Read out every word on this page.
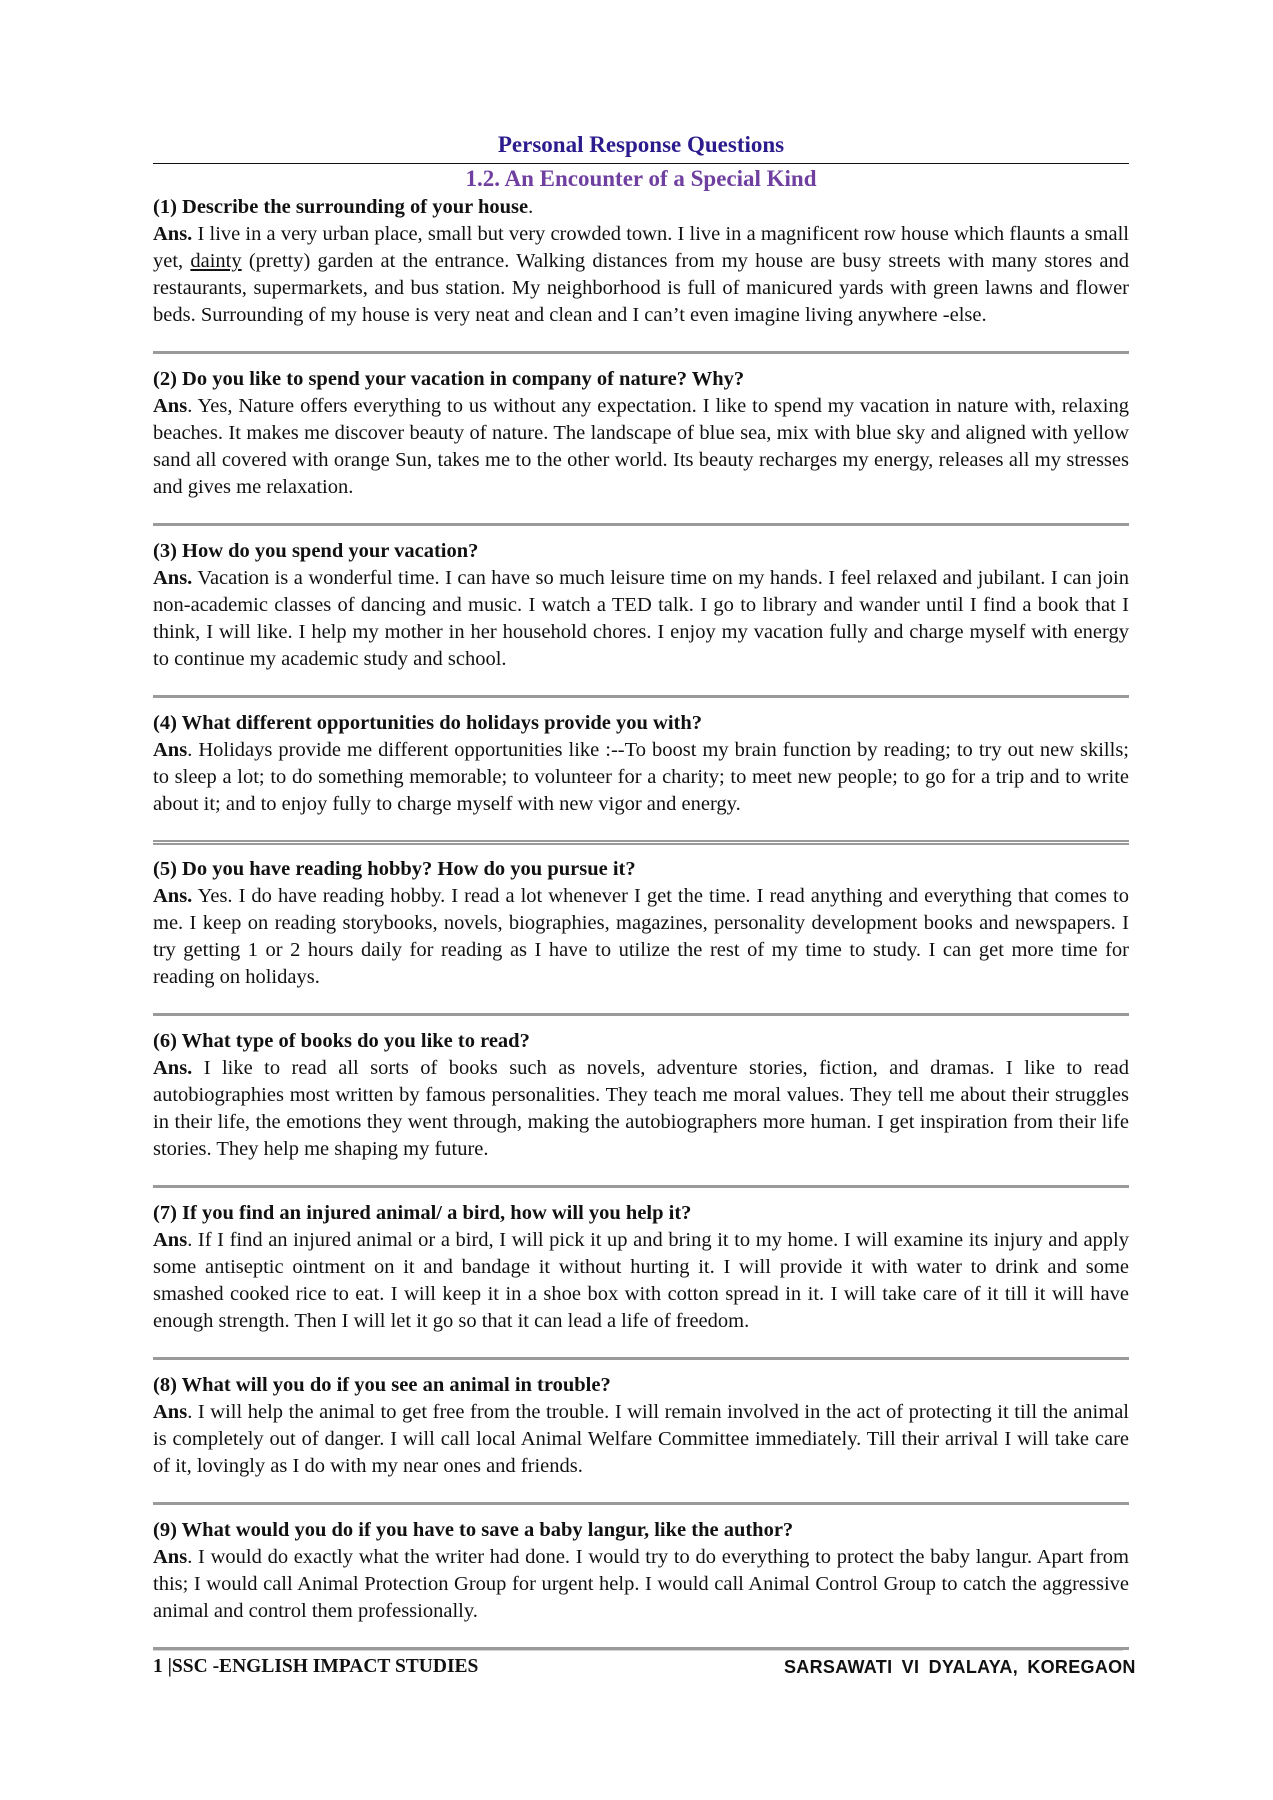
Personal Response Questions
1.2. An Encounter of a Special Kind

(1) Describe the surrounding of your house.

Ans. I live in a very urban place, small but very crowded town. I live in a magnificent row house which flaunts a small yet, dainty (pretty) garden at the entrance. Walking distances from my house are busy streets with many stores and restaurants, supermarkets, and bus station. My neighborhood is full of manicured yards with green lawns and flower beds. Surrounding of my house is very neat and clean and I can’t even imagine living anywhere -else.

(2) Do you like to spend your vacation in company of nature? Why?

Ans. Yes, Nature offers everything to us without any expectation. I like to spend my vacation in nature with, relaxing beaches. It makes me discover beauty of nature. The landscape of blue sea, mix with blue sky and aligned with yellow sand all covered with orange Sun, takes me to the other world. Its beauty recharges my energy, releases all my stresses and gives me relaxation.

(3) How do you spend your vacation?

Ans. Vacation is a wonderful time. I can have so much leisure time on my hands. I feel relaxed and jubilant. I can join non-academic classes of dancing and music. I watch a TED talk. I go to library and wander until I find a book that I think, I will like. I help my mother in her household chores. I enjoy my vacation fully and charge myself with energy to continue my academic study and school.

(4) What different opportunities do holidays provide you with?

Ans. Holidays provide me different opportunities like :--To boost my brain function by reading; to try out new skills; to sleep a lot; to do something memorable; to volunteer for a charity; to meet new people; to go for a trip and to write about it; and to enjoy fully to charge myself with new vigor and energy.

(5) Do you have reading hobby? How do you pursue it?

Ans. Yes. I do have reading hobby. I read a lot whenever I get the time. I read anything and everything that comes to me. I keep on reading storybooks, novels, biographies, magazines, personality development books and newspapers. I try getting 1 or 2 hours daily for reading as I have to utilize the rest of my time to study. I can get more time for reading on holidays.

(6) What type of books do you like to read?

Ans. I like to read all sorts of books such as novels, adventure stories, fiction, and dramas. I like to read autobiographies most written by famous personalities. They teach me moral values. They tell me about their struggles in their life, the emotions they went through, making the autobiographers more human. I get inspiration from their life stories. They help me shaping my future.

(7) If you find an injured animal/ a bird, how will you help it?

Ans. If I find an injured animal or a bird, I will pick it up and bring it to my home. I will examine its injury and apply some antiseptic ointment on it and bandage it without hurting it. I will provide it with water to drink and some smashed cooked rice to eat. I will keep it in a shoe box with cotton spread in it. I will take care of it till it will have enough strength. Then I will let it go so that it can lead a life of freedom.

(8) What will you do if you see an animal in trouble?

Ans. I will help the animal to get free from the trouble. I will remain involved in the act of protecting it till the animal is completely out of danger. I will call local Animal Welfare Committee immediately. Till their arrival I will take care of it, lovingly as I do with my near ones and friends.

(9) What would you do if you have to save a baby langur, like the author?

Ans. I would do exactly what the writer had done. I would try to do everything to protect the baby langur. Apart from this; I would call Animal Protection Group for urgent help. I would call Animal Control Group to catch the aggressive animal and control them professionally.

1 |SSC -ENGLISH IMPACT STUDIES	SARSAWATI VI DYALAYA, KOREGAON
